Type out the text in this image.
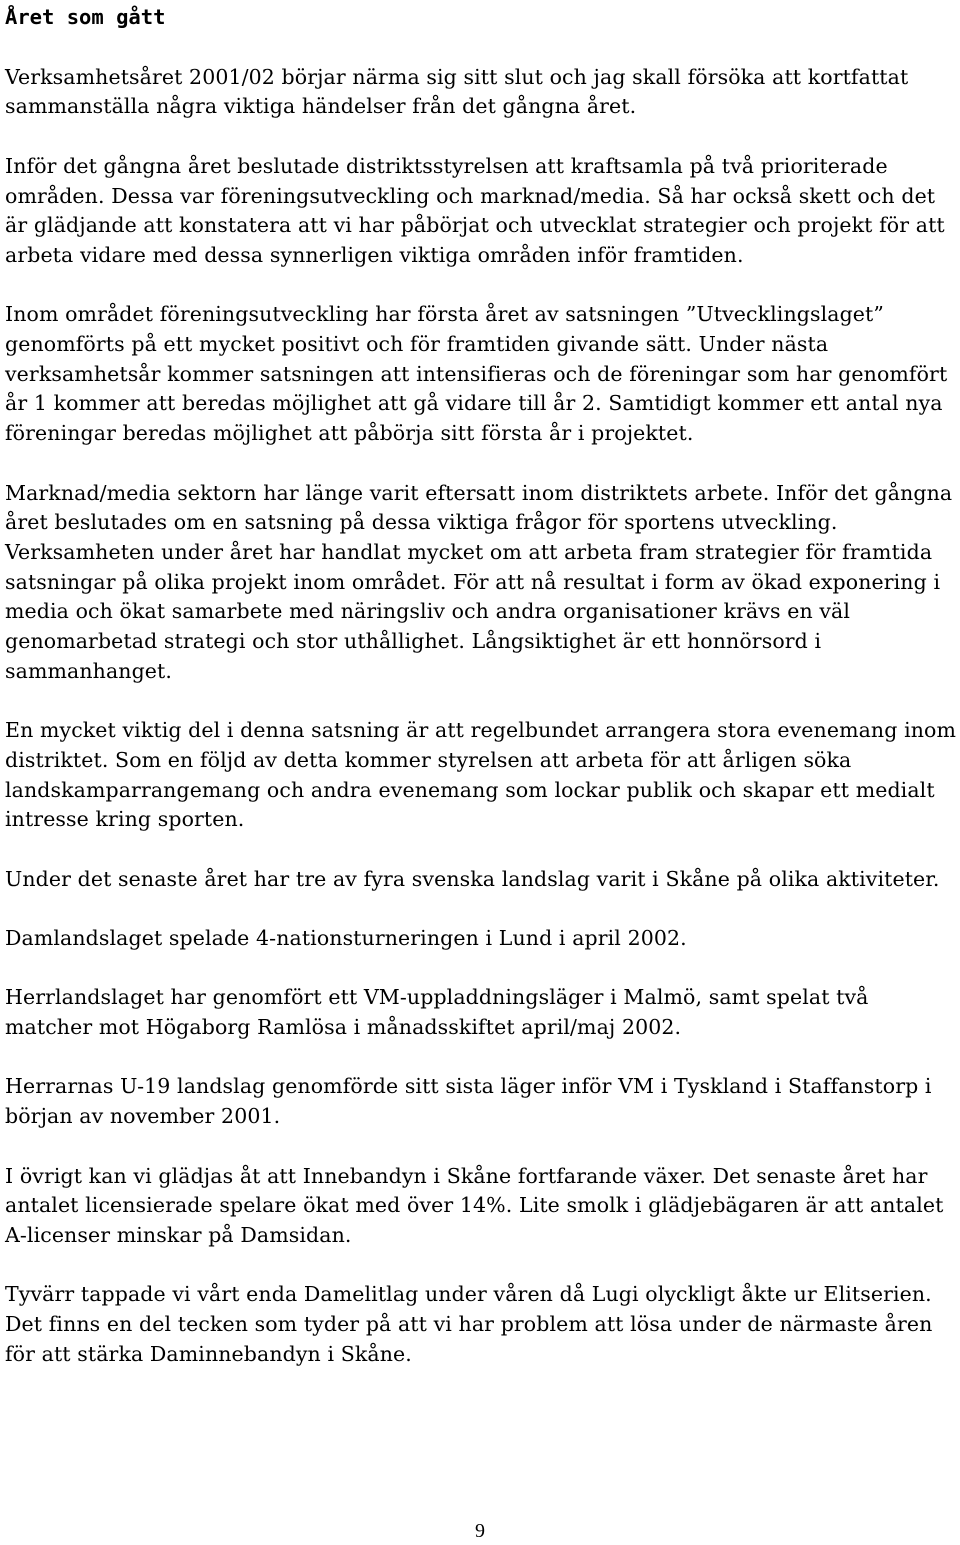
Året som gått

Verksamhetsåret 2001/02 börjar närma sig sitt slut och jag skall försöka att kortfattat sammanställa några viktiga händelser från det gångna året.

Inför det gångna året beslutade distriktsstyrelsen att kraftsamla på två prioriterade områden. Dessa var föreningsutveckling och marknad/media. Så har också skett och det är glädjande att konstatera att vi har påbörjat och utvecklat strategier och projekt för att arbeta vidare med dessa synnerligen viktiga områden inför framtiden.

Inom området föreningsutveckling har första året av satsningen ”Utvecklingslaget” genomförts på ett mycket positivt och för framtiden givande sätt. Under nästa verksamhetsår kommer satsningen att intensifieras och de föreningar som har genomfört år 1 kommer att beredas möjlighet att gå vidare till år 2. Samtidigt kommer ett antal nya föreningar beredas möjlighet att påbörja sitt första år i projektet.

Marknad/media sektorn har länge varit eftersatt inom distriktets arbete. Inför det gångna året beslutades om en satsning på dessa viktiga frågor för sportens utveckling. Verksamheten under året har handlat mycket om att arbeta fram strategier för framtida satsningar på olika projekt inom området. För att nå resultat i form av ökad exponering i media och ökat samarbete med näringsliv och andra organisationer krävs en väl genomarbetad strategi och stor uthållighet. Långsiktighet är ett honnörsord i sammanhanget.

En mycket viktig del i denna satsning är att regelbundet arrangera stora evenemang inom distriktet. Som en följd av detta kommer styrelsen att arbeta för att årligen söka landskamparrangemang och andra evenemang som lockar publik och skapar ett medialt intresse kring sporten.

Under det senaste året har tre av fyra svenska landslag varit i Skåne på olika aktiviteter.

Damlandslaget spelade 4-nationsturneringen i Lund i april 2002.

Herrlandslaget har genomfört ett VM-uppladdningsläger i Malmö, samt spelat två matcher mot Högaborg Ramlösa i månadsskiftet april/maj 2002.

Herrarnas U-19 landslag genomförde sitt sista läger inför VM i Tyskland i Staffanstorp i början av november 2001.

I övrigt kan vi glädjas åt att Innebandyn i Skåne fortfarande växer. Det senaste året har antalet licensierade spelare ökat med över 14%. Lite smolk i glädjebägaren är att antalet A-licenser minskar på Damsidan.

Tyvärr tappade vi vårt enda Damelitlag under våren då Lugi olyckligt åkte ur Elitserien. Det finns en del tecken som tyder på att vi har problem att lösa under de närmaste åren för att stärka Daminnebandyn i Skåne.

9
